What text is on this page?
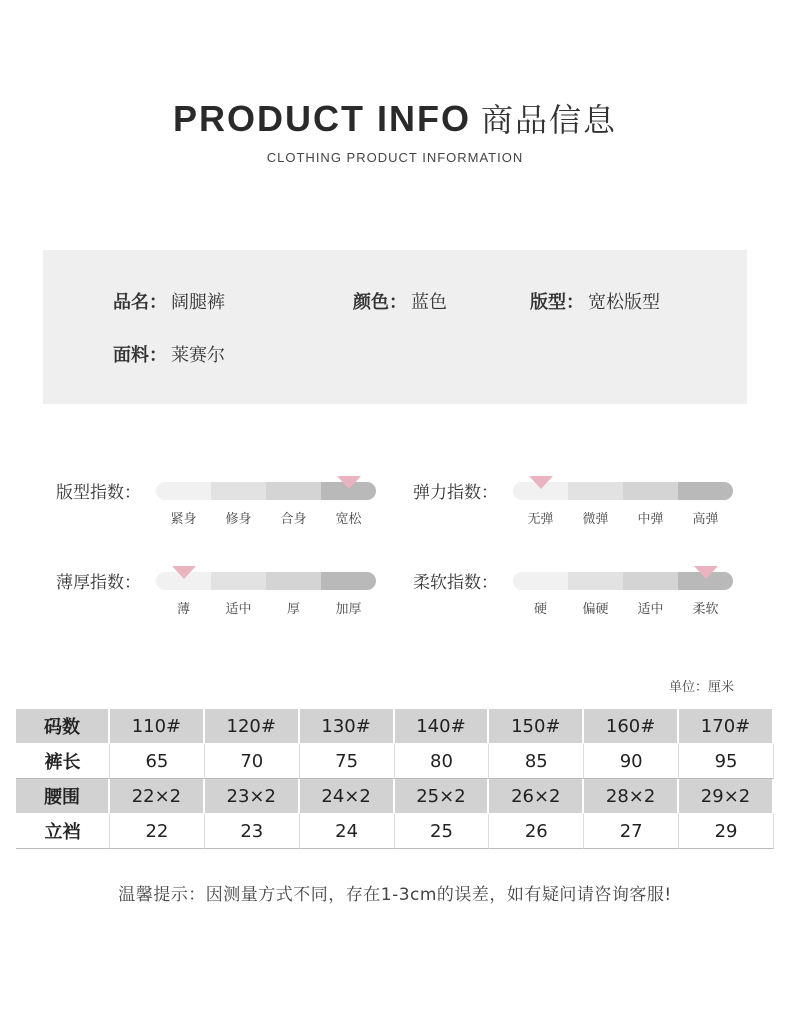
PRODUCT INFO 商品信息
CLOTHING PRODUCT INFORMATION
品名： 阔腿裤	颜色： 蓝色	版型： 宽松版型
面料： 莱赛尔
版型指数：
紧身	修身	合身	宽松
弹力指数：
无弹	微弹	中弹	高弹
薄厚指数：
薄	适中	厚	加厚
柔软指数：
硬	偏硬	适中	柔软
单位：厘米
码数	110#	120#	130#	140#	150#	160#	170#
裤长	65	70	75	80	85	90	95
腰围	22×2	23×2	24×2	25×2	26×2	28×2	29×2
立裆	22	23	24	25	26	27	29
温馨提示：因测量方式不同，存在1-3cm的误差，如有疑问请咨询客服!
